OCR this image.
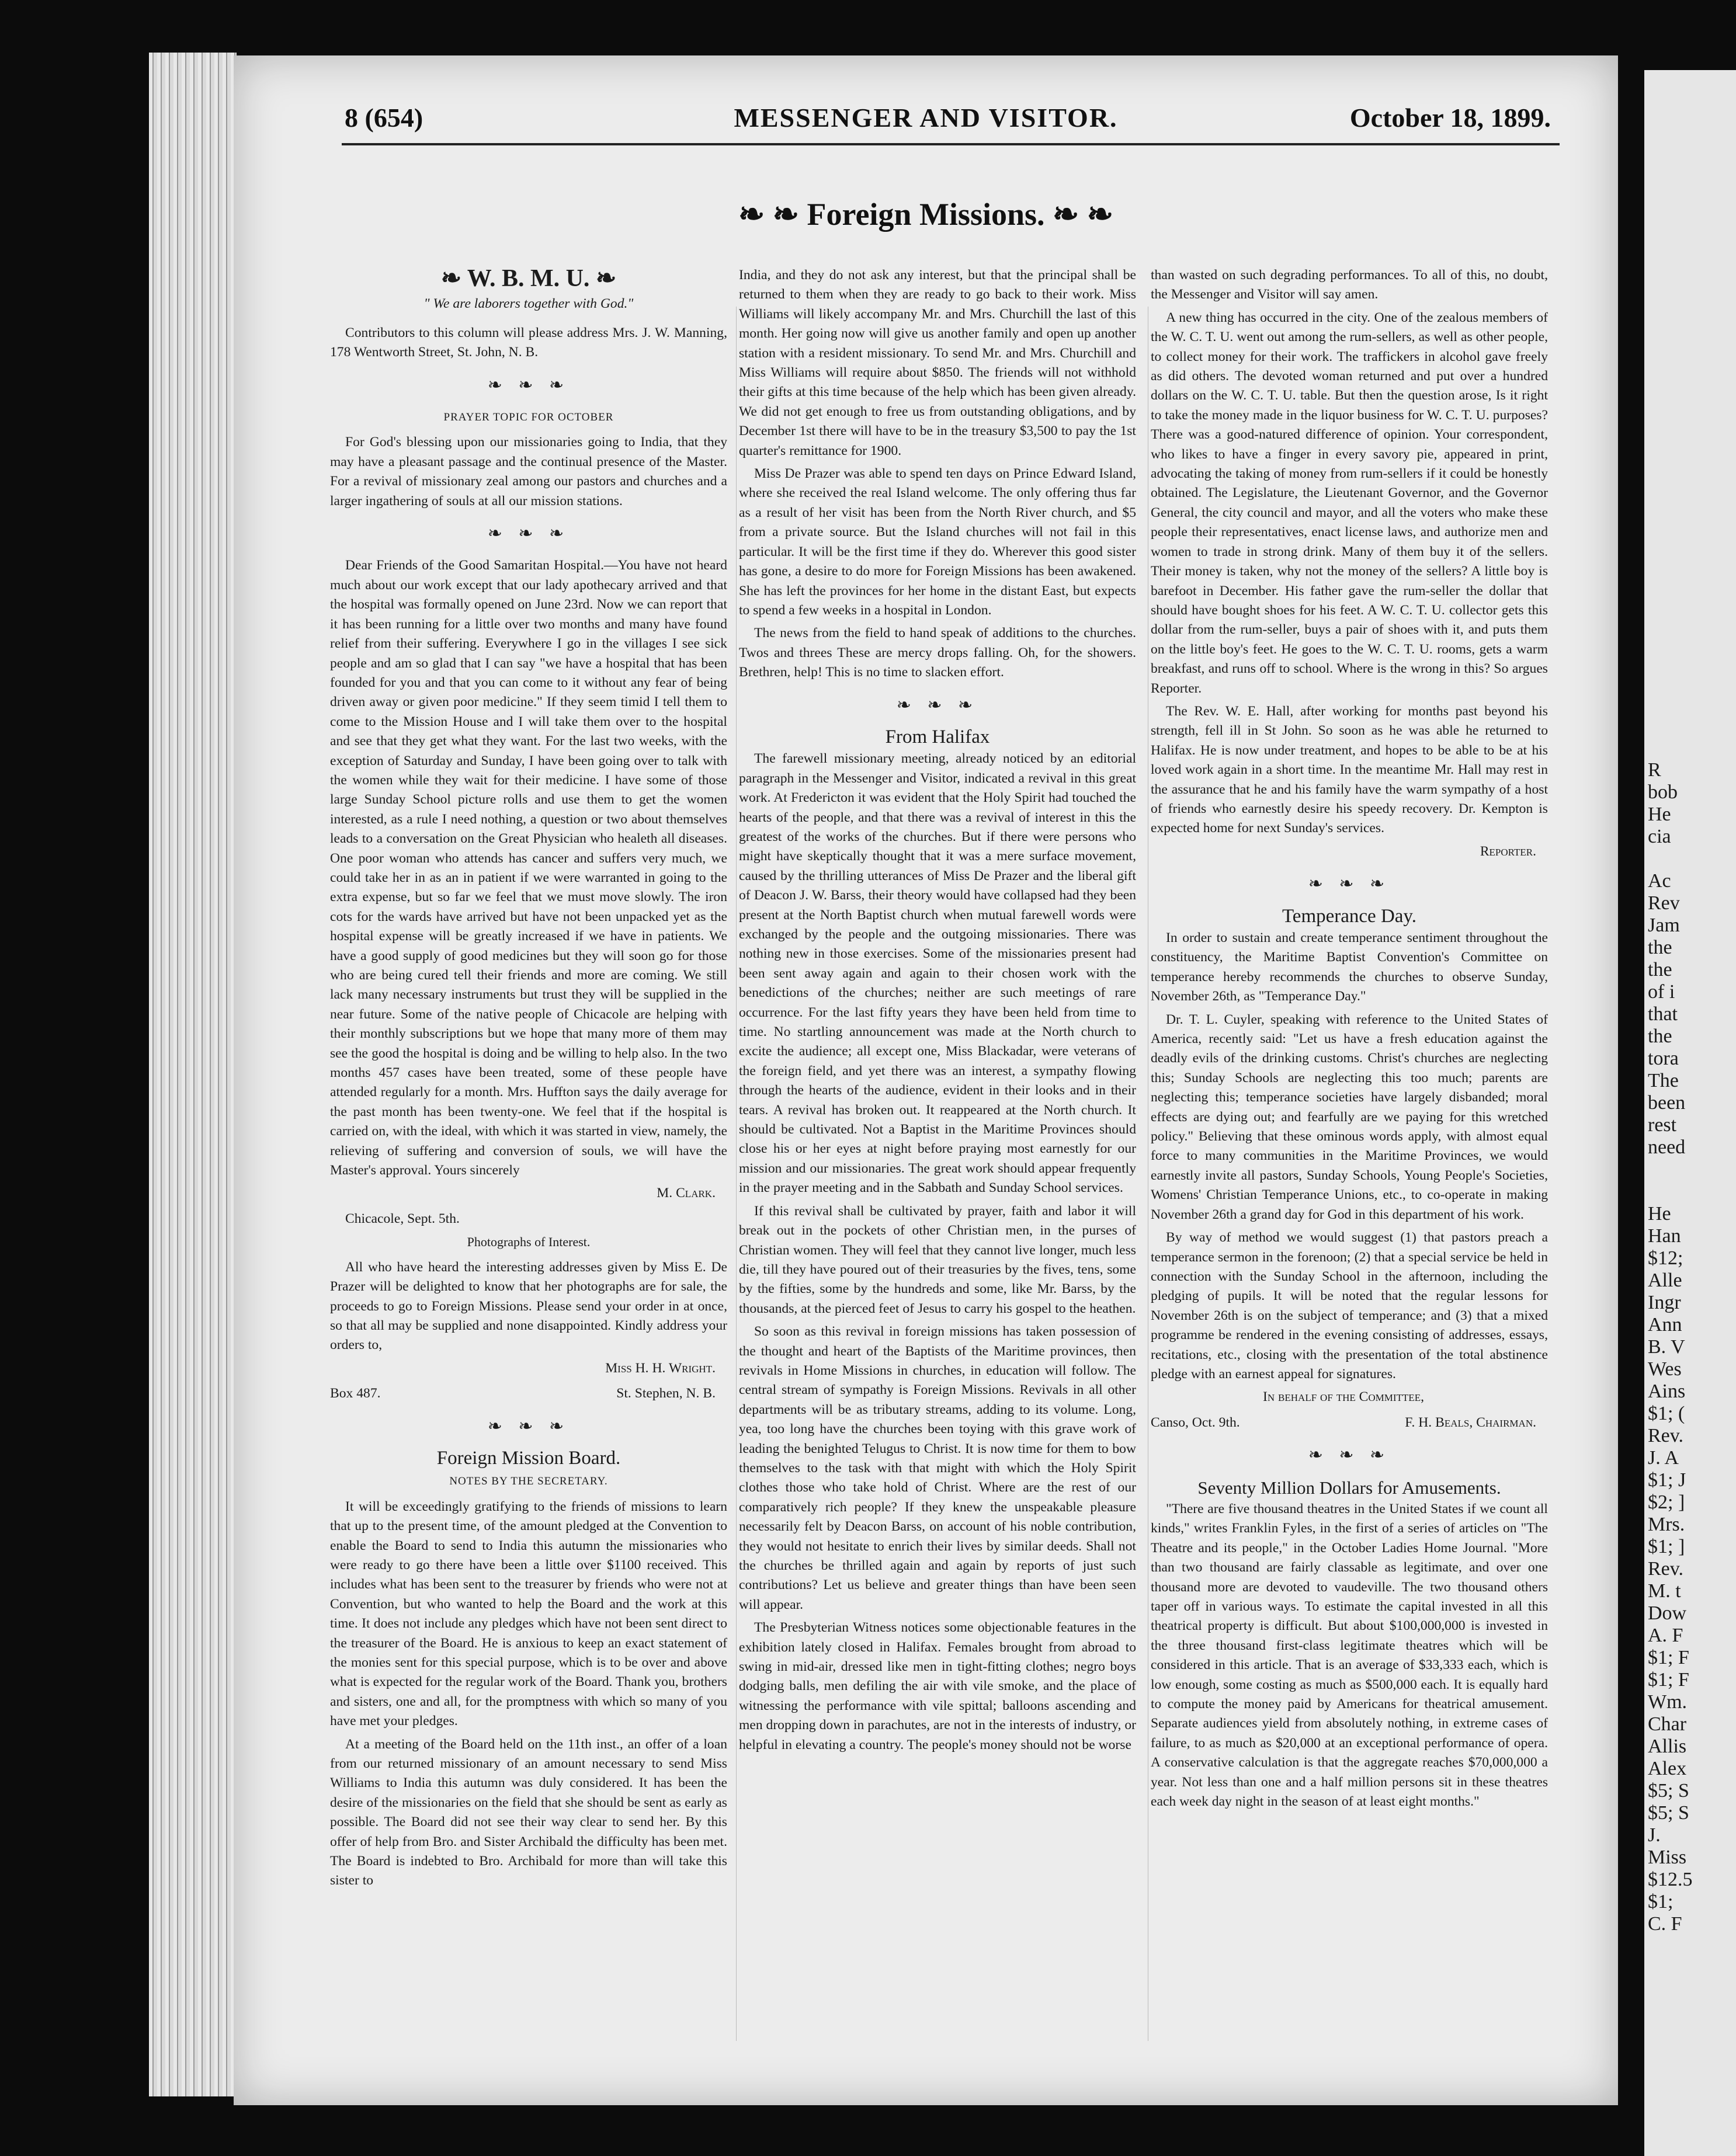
8 (654)	MESSENGER AND VISITOR.	October 18, 1899.
❧ ❧ Foreign Missions. ❧ ❧
❧ W. B. M. U. ❧
" We are laborers together with God."

Contributors to this column will please address Mrs. J. W. Manning, 178 Wentworth Street, St. John, N. B.

❧ ❧ ❧
PRAYER TOPIC FOR OCTOBER

For God's blessing upon our missionaries going to India, that they may have a pleasant passage and the continual presence of the Master. For a revival of missionary zeal among our pastors and churches and a larger ingathering of souls at all our mission stations.

❧ ❧ ❧

Dear Friends of the Good Samaritan Hospital.—You have not heard much about our work except that our lady apothecary arrived and that the hospital was formally opened on June 23rd. Now we can report that it has been running for a little over two months and many have found relief from their suffering. Everywhere I go in the villages I see sick people and am so glad that I can say "we have a hospital that has been founded for you and that you can come to it without any fear of being driven away or given poor medicine." If they seem timid I tell them to come to the Mission House and I will take them over to the hospital and see that they get what they want. For the last two weeks, with the exception of Saturday and Sunday, I have been going over to talk with the women while they wait for their medicine. I have some of those large Sunday School picture rolls and use them to get the women interested, as a rule I need nothing, a question or two about themselves leads to a conversation on the Great Physician who healeth all diseases. One poor woman who attends has cancer and suffers very much, we could take her in as an in patient if we were warranted in going to the extra expense, but so far we feel that we must move slowly. The iron cots for the wards have arrived but have not been unpacked yet as the hospital expense will be greatly increased if we have in patients. We have a good supply of good medicines but they will soon go for those who are being cured tell their friends and more are coming. We still lack many necessary instruments but trust they will be supplied in the near future. Some of the native people of Chicacole are helping with their monthly subscriptions but we hope that many more of them may see the good the hospital is doing and be willing to help also. In the two months 457 cases have been treated, some of these people have attended regularly for a month. Mrs. Huffton says the daily average for the past month has been twenty-one. We feel that if the hospital is carried on, with the ideal, with which it was started in view, namely, the relieving of suffering and conversion of souls, we will have the Master's approval. Yours sincerely

M. Clark.

Chicacole, Sept. 5th.

Photographs of Interest.

All who have heard the interesting addresses given by Miss E. De Prazer will be delighted to know that her photographs are for sale, the proceeds to go to Foreign Missions. Please send your order in at once, so that all may be supplied and none disappointed. Kindly address your orders to,

Miss H. H. Wright.
Box 487.	St. Stephen, N. B.
❧ ❧ ❧
Foreign Mission Board.
NOTES BY THE SECRETARY.

It will be exceedingly gratifying to the friends of missions to learn that up to the present time, of the amount pledged at the Convention to enable the Board to send to India this autumn the missionaries who were ready to go there have been a little over $1100 received. This includes what has been sent to the treasurer by friends who were not at Convention, but who wanted to help the Board and the work at this time. It does not include any pledges which have not been sent direct to the treasurer of the Board. He is anxious to keep an exact statement of the monies sent for this special purpose, which is to be over and above what is expected for the regular work of the Board. Thank you, brothers and sisters, one and all, for the promptness with which so many of you have met your pledges.

At a meeting of the Board held on the 11th inst., an offer of a loan from our returned missionary of an amount necessary to send Miss Williams to India this autumn was duly considered. It has been the desire of the missionaries on the field that she should be sent as early as possible. The Board did not see their way clear to send her. By this offer of help from Bro. and Sister Archibald the difficulty has been met. The Board is indebted to Bro. Archibald for more than will take this sister to

India, and they do not ask any interest, but that the principal shall be returned to them when they are ready to go back to their work. Miss Williams will likely accompany Mr. and Mrs. Churchill the last of this month. Her going now will give us another family and open up another station with a resident missionary. To send Mr. and Mrs. Churchill and Miss Williams will require about $850. The friends will not withhold their gifts at this time because of the help which has been given already. We did not get enough to free us from outstanding obligations, and by December 1st there will have to be in the treasury $3,500 to pay the 1st quarter's remittance for 1900.

Miss De Prazer was able to spend ten days on Prince Edward Island, where she received the real Island welcome. The only offering thus far as a result of her visit has been from the North River church, and $5 from a private source. But the Island churches will not fail in this particular. It will be the first time if they do. Wherever this good sister has gone, a desire to do more for Foreign Missions has been awakened. She has left the provinces for her home in the distant East, but expects to spend a few weeks in a hospital in London.

The news from the field to hand speak of additions to the churches. Twos and threes These are mercy drops falling. Oh, for the showers. Brethren, help! This is no time to slacken effort.

❧ ❧ ❧
From Halifax

The farewell missionary meeting, already noticed by an editorial paragraph in the Messenger and Visitor, indicated a revival in this great work. At Fredericton it was evident that the Holy Spirit had touched the hearts of the people, and that there was a revival of interest in this the greatest of the works of the churches. But if there were persons who might have skeptically thought that it was a mere surface movement, caused by the thrilling utterances of Miss De Prazer and the liberal gift of Deacon J. W. Barss, their theory would have collapsed had they been present at the North Baptist church when mutual farewell words were exchanged by the people and the outgoing missionaries. There was nothing new in those exercises. Some of the missionaries present had been sent away again and again to their chosen work with the benedictions of the churches; neither are such meetings of rare occurrence. For the last fifty years they have been held from time to time. No startling announcement was made at the North church to excite the audience; all except one, Miss Blackadar, were veterans of the foreign field, and yet there was an interest, a sympathy flowing through the hearts of the audience, evident in their looks and in their tears. A revival has broken out. It reappeared at the North church. It should be cultivated. Not a Baptist in the Maritime Provinces should close his or her eyes at night before praying most earnestly for our mission and our missionaries. The great work should appear frequently in the prayer meeting and in the Sabbath and Sunday School services.

If this revival shall be cultivated by prayer, faith and labor it will break out in the pockets of other Christian men, in the purses of Christian women. They will feel that they cannot live longer, much less die, till they have poured out of their treasuries by the fives, tens, some by the fifties, some by the hundreds and some, like Mr. Barss, by the thousands, at the pierced feet of Jesus to carry his gospel to the heathen.

So soon as this revival in foreign missions has taken possession of the thought and heart of the Baptists of the Maritime provinces, then revivals in Home Missions in churches, in education will follow. The central stream of sympathy is Foreign Missions. Revivals in all other departments will be as tributary streams, adding to its volume. Long, yea, too long have the churches been toying with this grave work of leading the benighted Telugus to Christ. It is now time for them to bow themselves to the task with that might with which the Holy Spirit clothes those who take hold of Christ. Where are the rest of our comparatively rich people? If they knew the unspeakable pleasure necessarily felt by Deacon Barss, on account of his noble contribution, they would not hesitate to enrich their lives by similar deeds. Shall not the churches be thrilled again and again by reports of just such contributions? Let us believe and greater things than have been seen will appear.

The Presbyterian Witness notices some objectionable features in the exhibition lately closed in Halifax. Females brought from abroad to swing in mid-air, dressed like men in tight-fitting clothes; negro boys dodging balls, men defiling the air with vile smoke, and the place of witnessing the performance with vile spittal; balloons ascending and men dropping down in parachutes, are not in the interests of industry, or helpful in elevating a country. The people's money should not be worse

than wasted on such degrading performances. To all of this, no doubt, the Messenger and Visitor will say amen.

A new thing has occurred in the city. One of the zealous members of the W. C. T. U. went out among the rum-sellers, as well as other people, to collect money for their work. The traffickers in alcohol gave freely as did others. The devoted woman returned and put over a hundred dollars on the W. C. T. U. table. But then the question arose, Is it right to take the money made in the liquor business for W. C. T. U. purposes? There was a good-natured difference of opinion. Your correspondent, who likes to have a finger in every savory pie, appeared in print, advocating the taking of money from rum-sellers if it could be honestly obtained. The Legislature, the Lieutenant Governor, and the Governor General, the city council and mayor, and all the voters who make these people their representatives, enact license laws, and authorize men and women to trade in strong drink. Many of them buy it of the sellers. Their money is taken, why not the money of the sellers? A little boy is barefoot in December. His father gave the rum-seller the dollar that should have bought shoes for his feet. A W. C. T. U. collector gets this dollar from the rum-seller, buys a pair of shoes with it, and puts them on the little boy's feet. He goes to the W. C. T. U. rooms, gets a warm breakfast, and runs off to school. Where is the wrong in this? So argues Reporter.

The Rev. W. E. Hall, after working for months past beyond his strength, fell ill in St John. So soon as he was able he returned to Halifax. He is now under treatment, and hopes to be able to be at his loved work again in a short time. In the meantime Mr. Hall may rest in the assurance that he and his family have the warm sympathy of a host of friends who earnestly desire his speedy recovery. Dr. Kempton is expected home for next Sunday's services.

Reporter.
❧ ❧ ❧
Temperance Day.

In order to sustain and create temperance sentiment throughout the constituency, the Maritime Baptist Convention's Committee on temperance hereby recommends the churches to observe Sunday, November 26th, as "Temperance Day."

Dr. T. L. Cuyler, speaking with reference to the United States of America, recently said: "Let us have a fresh education against the deadly evils of the drinking customs. Christ's churches are neglecting this; Sunday Schools are neglecting this too much; parents are neglecting this; temperance societies have largely disbanded; moral effects are dying out; and fearfully are we paying for this wretched policy." Believing that these ominous words apply, with almost equal force to many communities in the Maritime Provinces, we would earnestly invite all pastors, Sunday Schools, Young People's Societies, Womens' Christian Temperance Unions, etc., to co-operate in making November 26th a grand day for God in this department of his work.

By way of method we would suggest (1) that pastors preach a temperance sermon in the forenoon; (2) that a special service be held in connection with the Sunday School in the afternoon, including the pledging of pupils. It will be noted that the regular lessons for November 26th is on the subject of temperance; and (3) that a mixed programme be rendered in the evening consisting of addresses, essays, recitations, etc., closing with the presentation of the total abstinence pledge with an earnest appeal for signatures.

In behalf of the Committee,
Canso, Oct. 9th.	F. H. Beals, Chairman.
❧ ❧ ❧
Seventy Million Dollars for Amusements.

"There are five thousand theatres in the United States if we count all kinds," writes Franklin Fyles, in the first of a series of articles on "The Theatre and its people," in the October Ladies Home Journal. "More than two thousand are fairly classable as legitimate, and over one thousand more are devoted to vaudeville. The two thousand others taper off in various ways. To estimate the capital invested in all this theatrical property is difficult. But about $100,000,000 is invested in the three thousand first-class legitimate theatres which will be considered in this article. That is an average of $33,333 each, which is low enough, some costing as much as $500,000 each. It is equally hard to compute the money paid by Americans for theatrical amusement. Separate audiences yield from absolutely nothing, in extreme cases of failure, to as much as $20,000 at an exceptional performance of opera. A conservative calculation is that the aggregate reaches $70,000,000 a year. Not less than one and a half million persons sit in these theatres each week day night in the season of at least eight months."

R
bob
He
cia

Ac
Rev
Jam
the
the
of i
that
the
tora
The
been
rest
need

He
Han
$12;
Alle
Ingr
Ann
B. V
Wes
Ains
$1; (
Rev.
J. A
$1; J
$2; ]
Mrs.
$1; ]
Rev.
M. t
Dow
A. F
$1; F
$1; F
Wm.
Char
Allis
Alex
$5; S
$5; S
J.
Miss
$12.5
$1;
C. F
